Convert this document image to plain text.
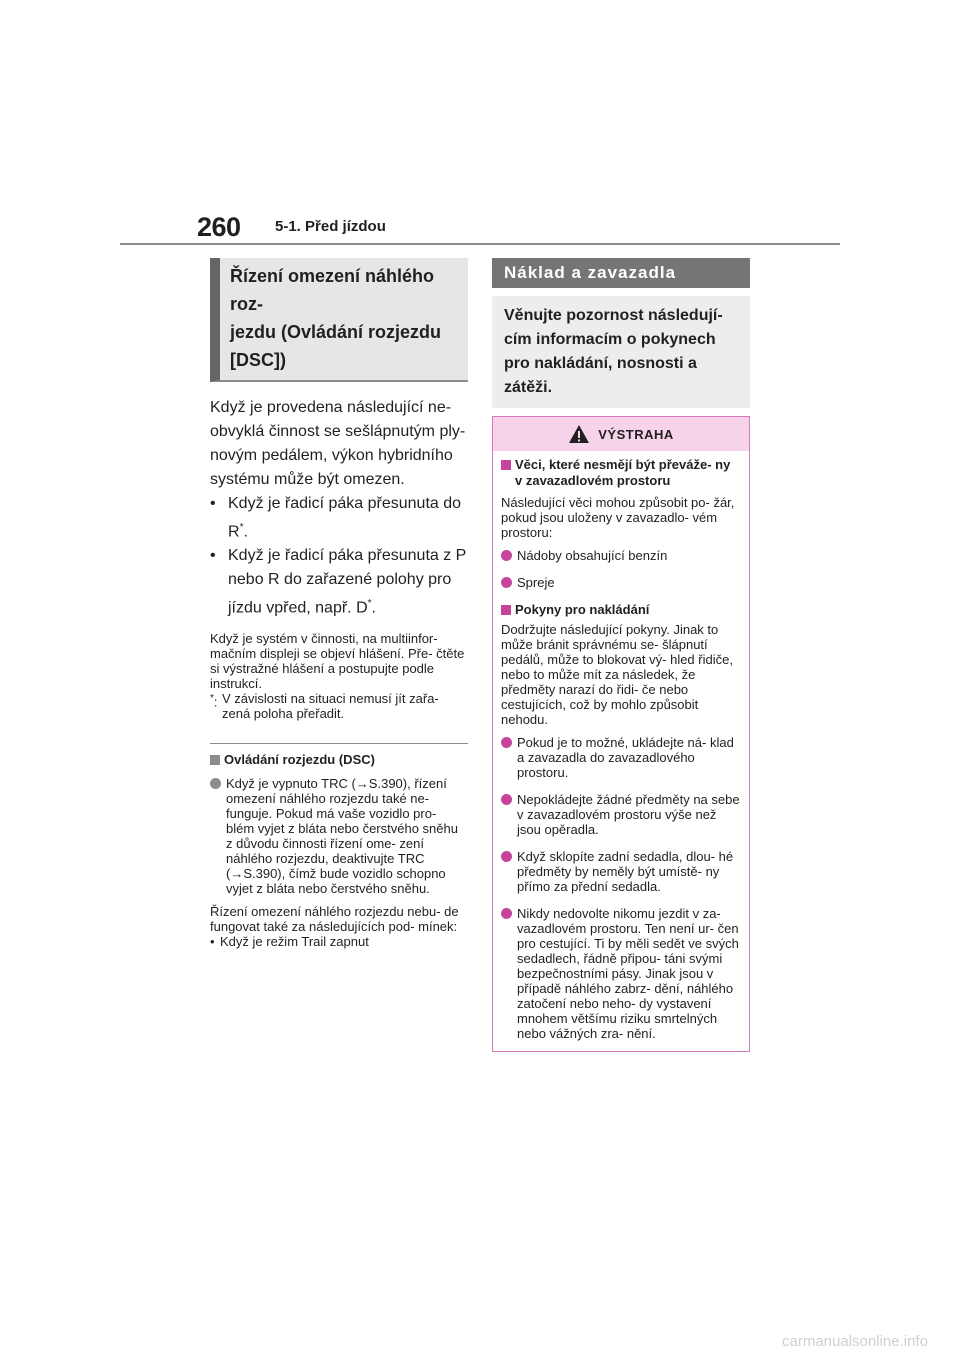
260 5-1. Před jízdou
Řízení omezení náhlého roz-
jezdu (Ovládání rozjezdu
[DSC])

Když je provedena následující ne- obvyklá činnost se sešlápnutým ply- novým pedálem, výkon hybridního systému může být omezen.

• Když je řadicí páka přesunuta do R*.
• Když je řadicí páka přesunuta z P nebo R do zařazené polohy pro jízdu vpřed, např. D*.
Když je systém v činnosti, na multiinfor- mačním displeji se objeví hlášení. Pře- čtěte si výstražné hlášení a postupujte podle instrukcí.
*: V závislosti na situaci nemusí jít zařa- zená poloha přeřadit.
Ovládání rozjezdu (DSC)
Když je vypnuto TRC (→S.390), řízení omezení náhlého rozjezdu také ne- funguje. Pokud má vaše vozidlo pro- blém vyjet z bláta nebo čerstvého sněhu z důvodu činnosti řízení ome- zení náhlého rozjezdu, deaktivujte TRC (→S.390), čímž bude vozidlo schopno vyjet z bláta nebo čerstvého sněhu.
Řízení omezení náhlého rozjezdu nebu- de fungovat také za následujících pod- mínek:
• Když je režim Trail zapnut
Náklad a zavazadla
Věnujte pozornost následují- cím informacím o pokynech pro nakládání, nosnosti a zátěži.
VÝSTRAHA
Věci, které nesmějí být převáže- ny v zavazadlovém prostoru
Následující věci mohou způsobit po- žár, pokud jsou uloženy v zavazadlo- vém prostoru:
Nádoby obsahující benzín
Spreje
Pokyny pro nakládání
Dodržujte následující pokyny. Jinak to může bránit správnému se- šlápnutí pedálů, může to blokovat vý- hled řidiče, nebo to může mít za následek, že předměty narazí do řidi- če nebo cestujících, což by mohlo způsobit nehodu.
Pokud je to možné, ukládejte ná- klad a zavazadla do zavazadlového prostoru.
Nepokládejte žádné předměty na sebe v zavazadlovém prostoru výše než jsou opěradla.
Když sklopíte zadní sedadla, dlou- hé předměty by neměly být umístě- ny přímo za přední sedadla.
Nikdy nedovolte nikomu jezdit v za- vazadlovém prostoru. Ten není ur- čen pro cestující. Ti by měli sedět ve svých sedadlech, řádně připou- táni svými bezpečnostními pásy. Jinak jsou v případě náhlého zabrz- dění, náhlého zatočení nebo neho- dy vystavení mnohem většímu riziku smrtelných nebo vážných zra- nění.
carmanualsonline.info
